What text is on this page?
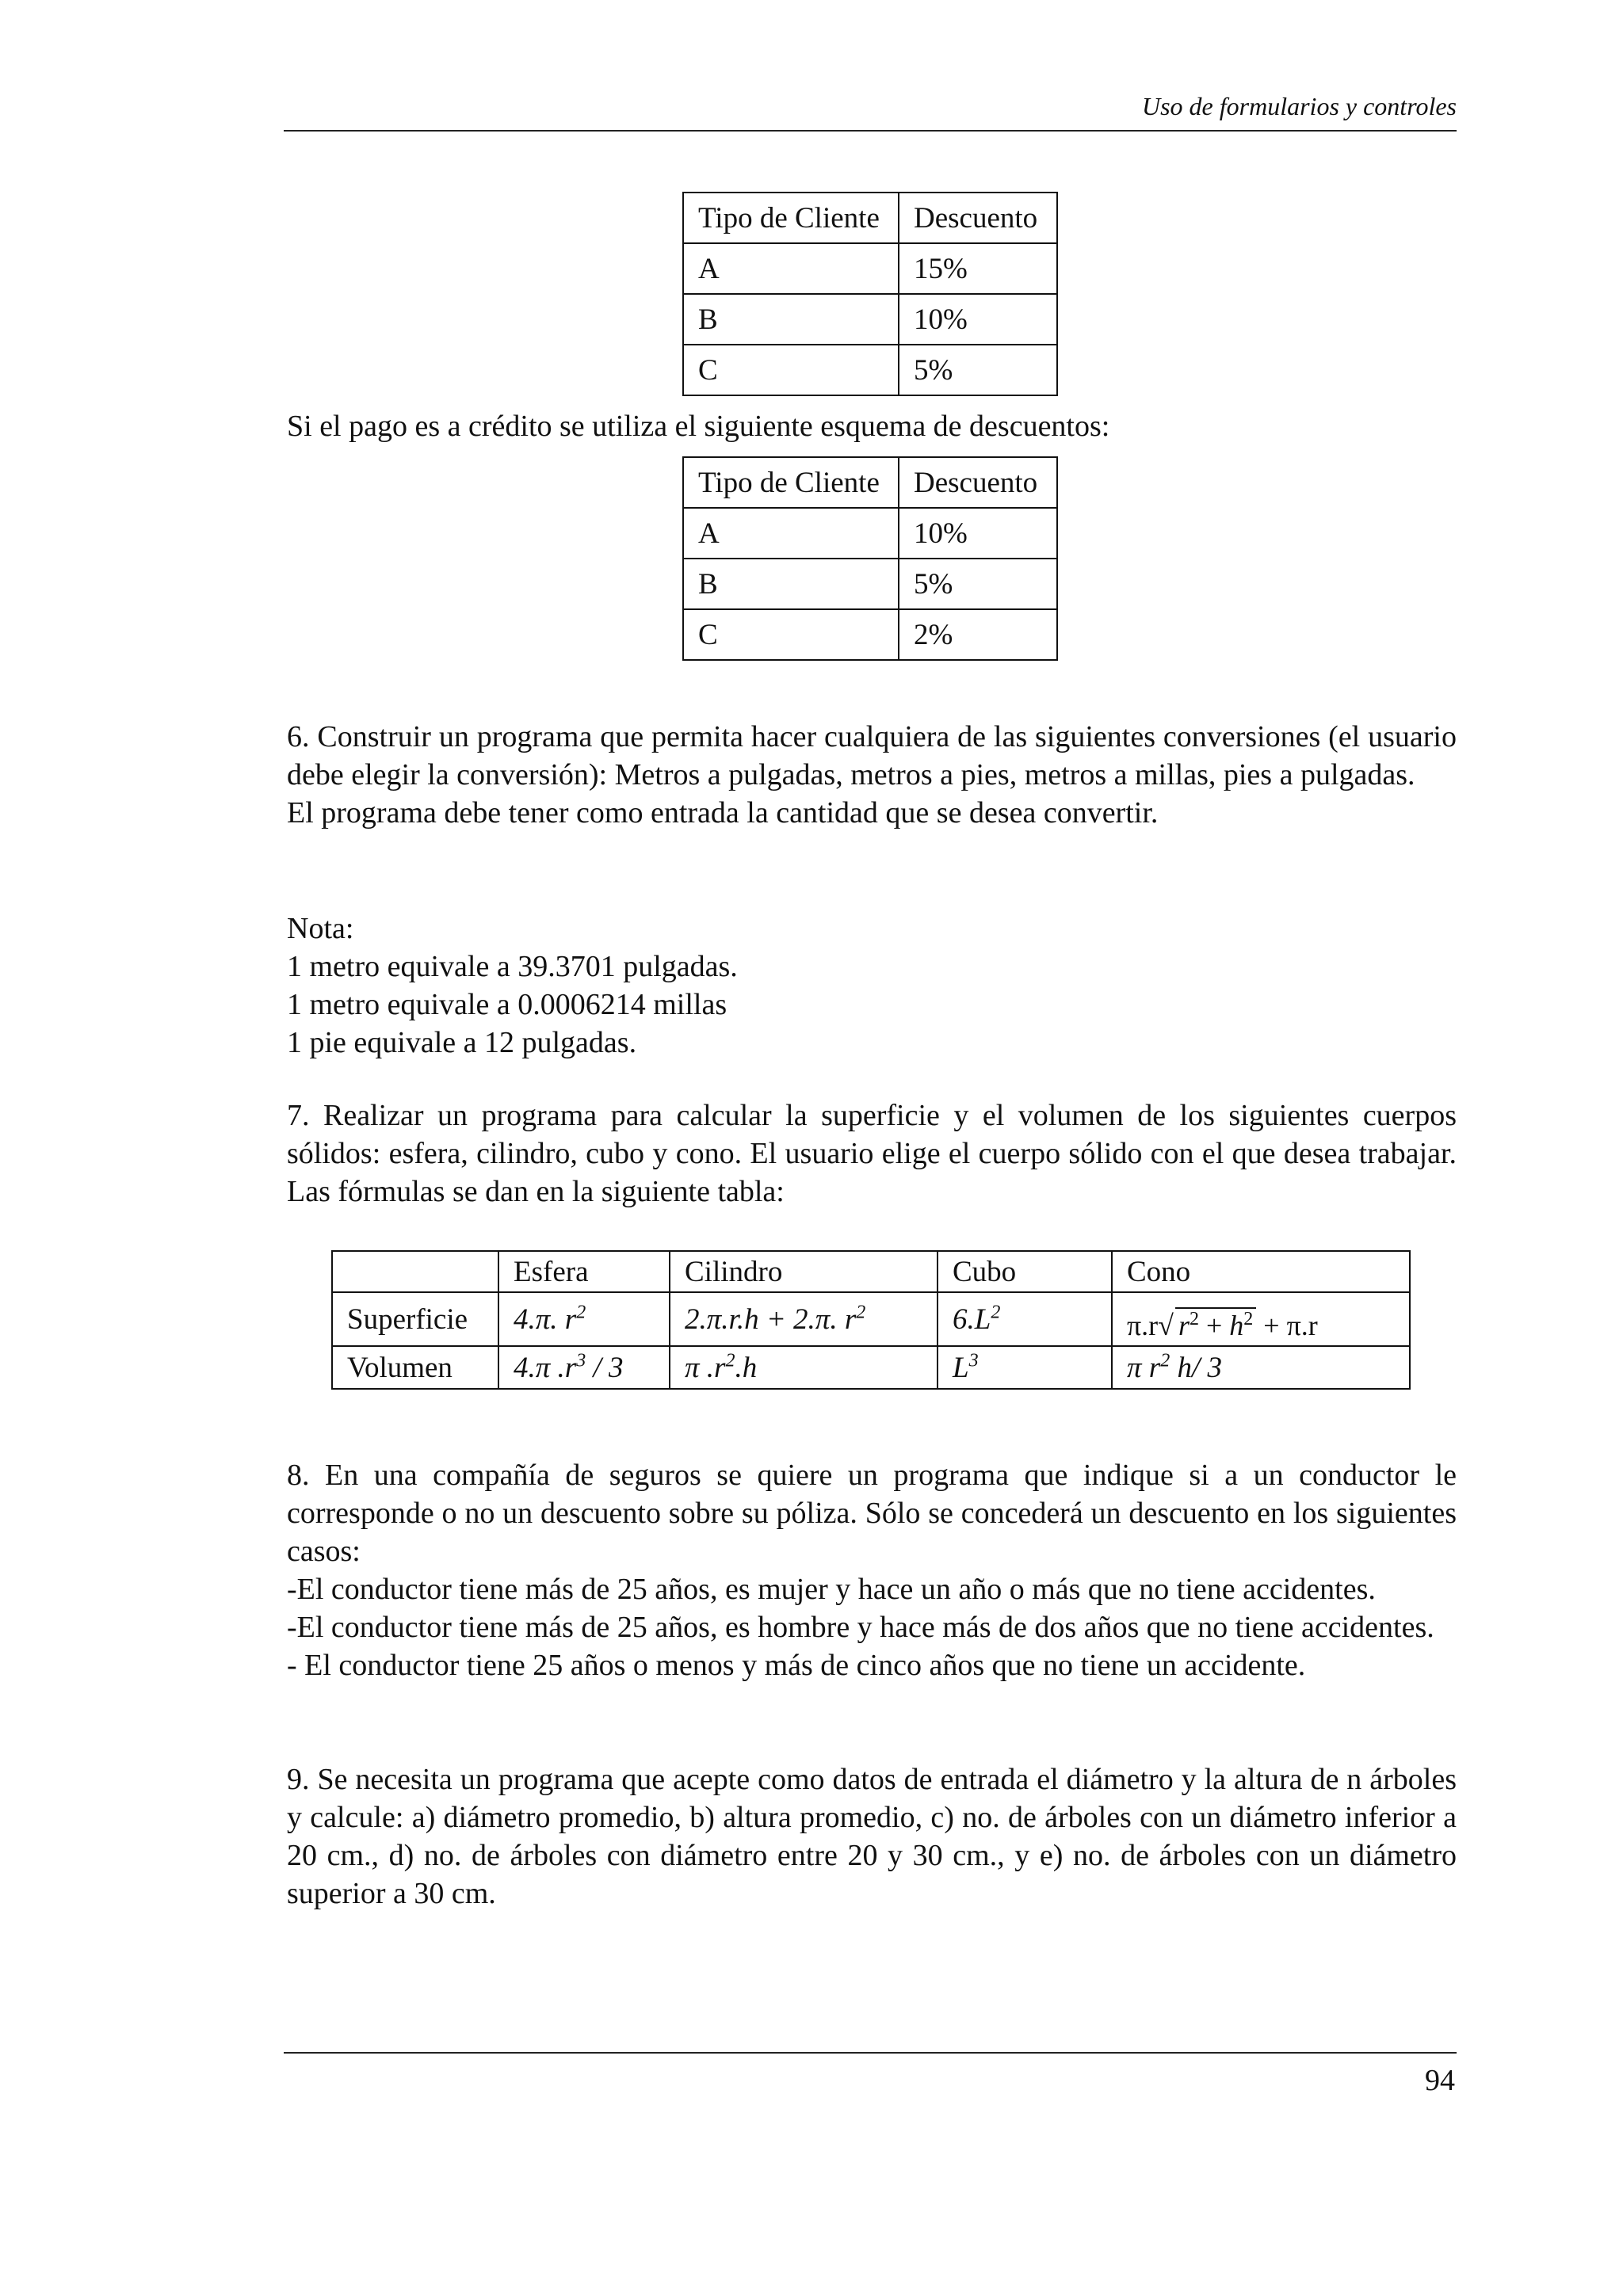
Uso de formularios y controles
Tipo de Cliente	Descuento
A	15%
B	10%
C	5%
Si el pago es a crédito se utiliza el siguiente esquema de descuentos:
Tipo de Cliente	Descuento
A	10%
B	5%
C	2%

6. Construir un programa que permita hacer cualquiera de las siguientes conversiones (el usuario debe elegir la conversión): Metros a pulgadas, metros a pies, metros a millas, pies a pulgadas.

El programa debe tener como entrada la cantidad que se desea convertir.

Nota:

1 metro equivale a 39.3701 pulgadas.

1 metro equivale a 0.0006214 millas

1 pie equivale a 12 pulgadas.

7. Realizar un programa para calcular la superficie y el volumen de los siguientes cuerpos sólidos: esfera, cilindro, cubo y cono. El usuario elige el cuerpo sólido con el que desea trabajar. Las fórmulas se dan en la siguiente tabla:

	Esfera	Cilindro	Cubo	Cono
Superficie	4.π. $r^2$	2.π.r.h + 2.π. $r^2$	$6.L^2$	π.r√ $r^2 + h^2 + \pi.r$
Volumen	4.π $.r^3 / 3$	π $.r^2.h$	$L^3$	π $r^2$ h/ 3

8. En una compañía de seguros se quiere un programa que indique si a un conductor le corresponde o no un descuento sobre su póliza. Sólo se concederá un descuento en los siguientes casos:

-El conductor tiene más de 25 años, es mujer y hace un año o más que no tiene accidentes.

-El conductor tiene más de 25 años, es hombre y hace más de dos años que no tiene accidentes.

- El conductor tiene 25 años o menos y más de cinco años que no tiene un accidente.

9. Se necesita un programa que acepte como datos de entrada el diámetro y la altura de n árboles y calcule: a) diámetro promedio, b) altura promedio, c) no. de árboles con un diámetro inferior a 20 cm., d) no. de árboles con diámetro entre 20 y 30 cm., y e) no. de árboles con un diámetro superior a 30 cm.

94
